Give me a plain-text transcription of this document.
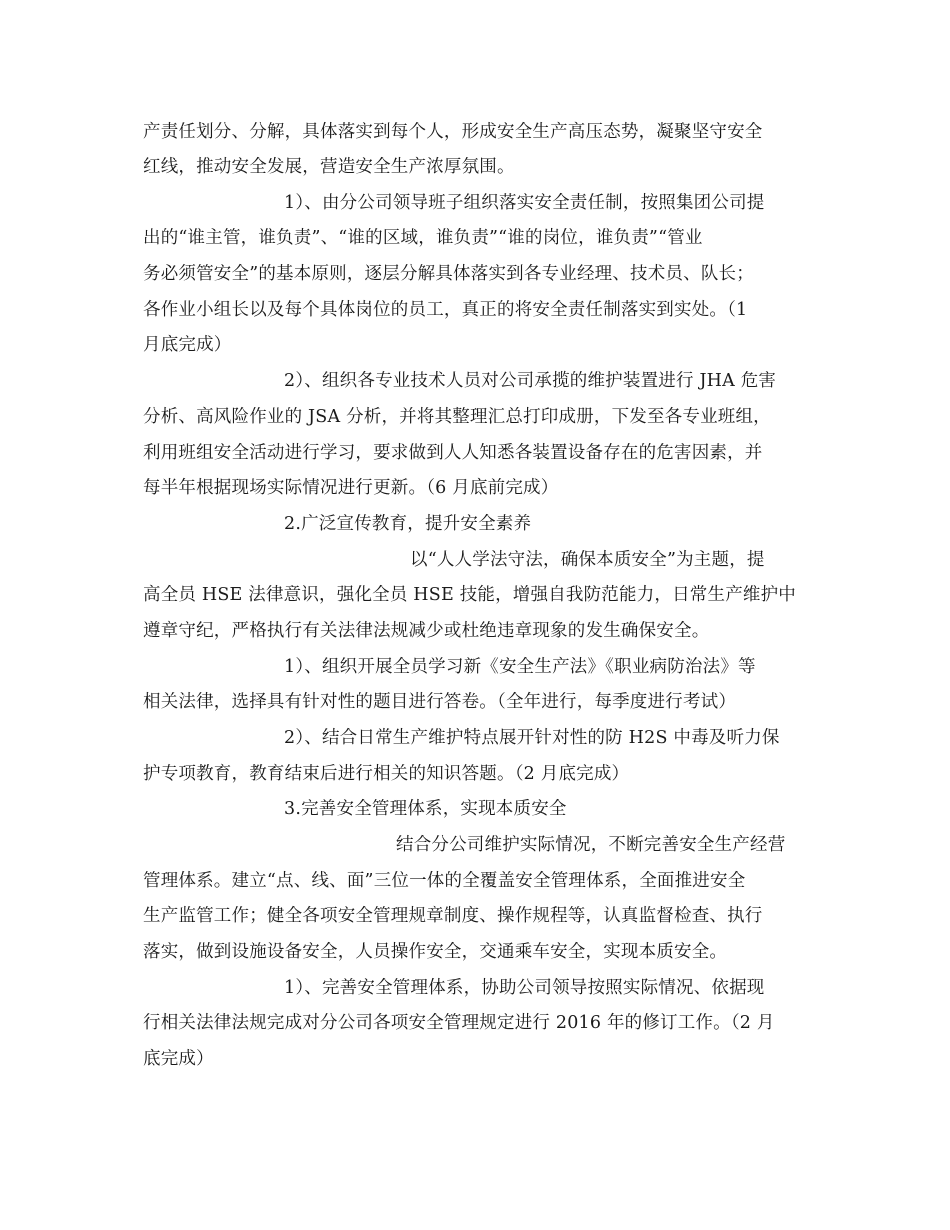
产责任划分、分解，具体落实到每个人，形成安全生产高压态势，凝聚坚守安全
红线，推动安全发展，营造安全生产浓厚氛围。
1）、由分公司领导班子组织落实安全责任制，按照集团公司提
出的“谁主管，谁负责”、“谁的区域，谁负责”“谁的岗位，谁负责”“管业
务必须管安全”的基本原则，逐层分解具体落实到各专业经理、技术员、队长；
各作业小组长以及每个具体岗位的员工，真正的将安全责任制落实到实处。（1
月底完成）
2）、组织各专业技术人员对公司承揽的维护装置进行 JHA 危害
分析、高风险作业的 JSA 分析，并将其整理汇总打印成册，下发至各专业班组，
利用班组安全活动进行学习，要求做到人人知悉各装置设备存在的危害因素，并
每半年根据现场实际情况进行更新。（6 月底前完成）
2.广泛宣传教育，提升安全素养
以“人人学法守法，确保本质安全”为主题，提
高全员 HSE 法律意识，强化全员 HSE 技能，增强自我防范能力，日常生产维护中
遵章守纪，严格执行有关法律法规减少或杜绝违章现象的发生确保安全。
1）、组织开展全员学习新《安全生产法》《职业病防治法》等
相关法律，选择具有针对性的题目进行答卷。（全年进行，每季度进行考试）
2）、结合日常生产维护特点展开针对性的防 H2S 中毒及听力保
护专项教育，教育结束后进行相关的知识答题。（2 月底完成）
3.完善安全管理体系，实现本质安全
结合分公司维护实际情况，不断完善安全生产经营
管理体系。建立“点、线、面”三位一体的全覆盖安全管理体系，全面推进安全
生产监管工作；健全各项安全管理规章制度、操作规程等，认真监督检查、执行
落实，做到设施设备安全，人员操作安全，交通乘车安全，实现本质安全。
1）、完善安全管理体系，协助公司领导按照实际情况、依据现
行相关法律法规完成对分公司各项安全管理规定进行 2016 年的修订工作。（2 月
底完成）
